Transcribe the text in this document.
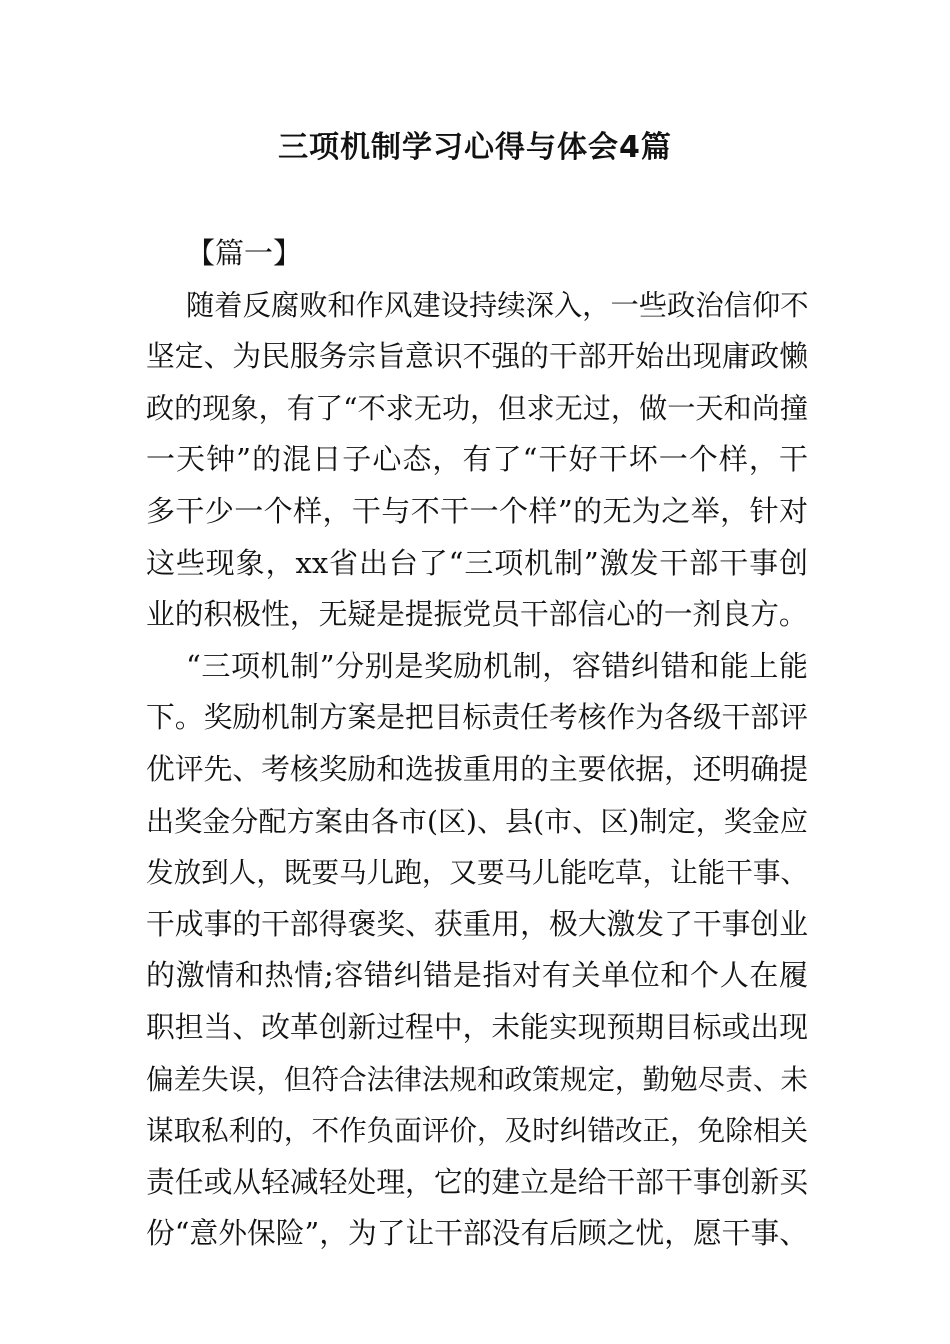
三项机制学习心得与体会4篇
【篇一】
随着反腐败和作风建设持续深入，一些政治信仰不
坚定、为民服务宗旨意识不强的干部开始出现庸政懒
政的现象，有了“不求无功，但求无过，做一天和尚撞
一天钟”的混日子心态，有了“干好干坏一个样，干
多干少一个样，干与不干一个样”的无为之举，针对
这些现象，xx省出台了“三项机制”激发干部干事创
业的积极性，无疑是提振党员干部信心的一剂良方。
“三项机制”分别是奖励机制，容错纠错和能上能
下。奖励机制方案是把目标责任考核作为各级干部评
优评先、考核奖励和选拔重用的主要依据，还明确提
出奖金分配方案由各市(区)、县(市、区)制定，奖金应
发放到人，既要马儿跑，又要马儿能吃草，让能干事、
干成事的干部得褒奖、获重用，极大激发了干事创业
的激情和热情;容错纠错是指对有关单位和个人在履
职担当、改革创新过程中，未能实现预期目标或出现
偏差失误，但符合法律法规和政策规定，勤勉尽责、未
谋取私利的，不作负面评价，及时纠错改正，免除相关
责任或从轻减轻处理，它的建立是给干部干事创新买
份“意外保险”，为了让干部没有后顾之忧，愿干事、
